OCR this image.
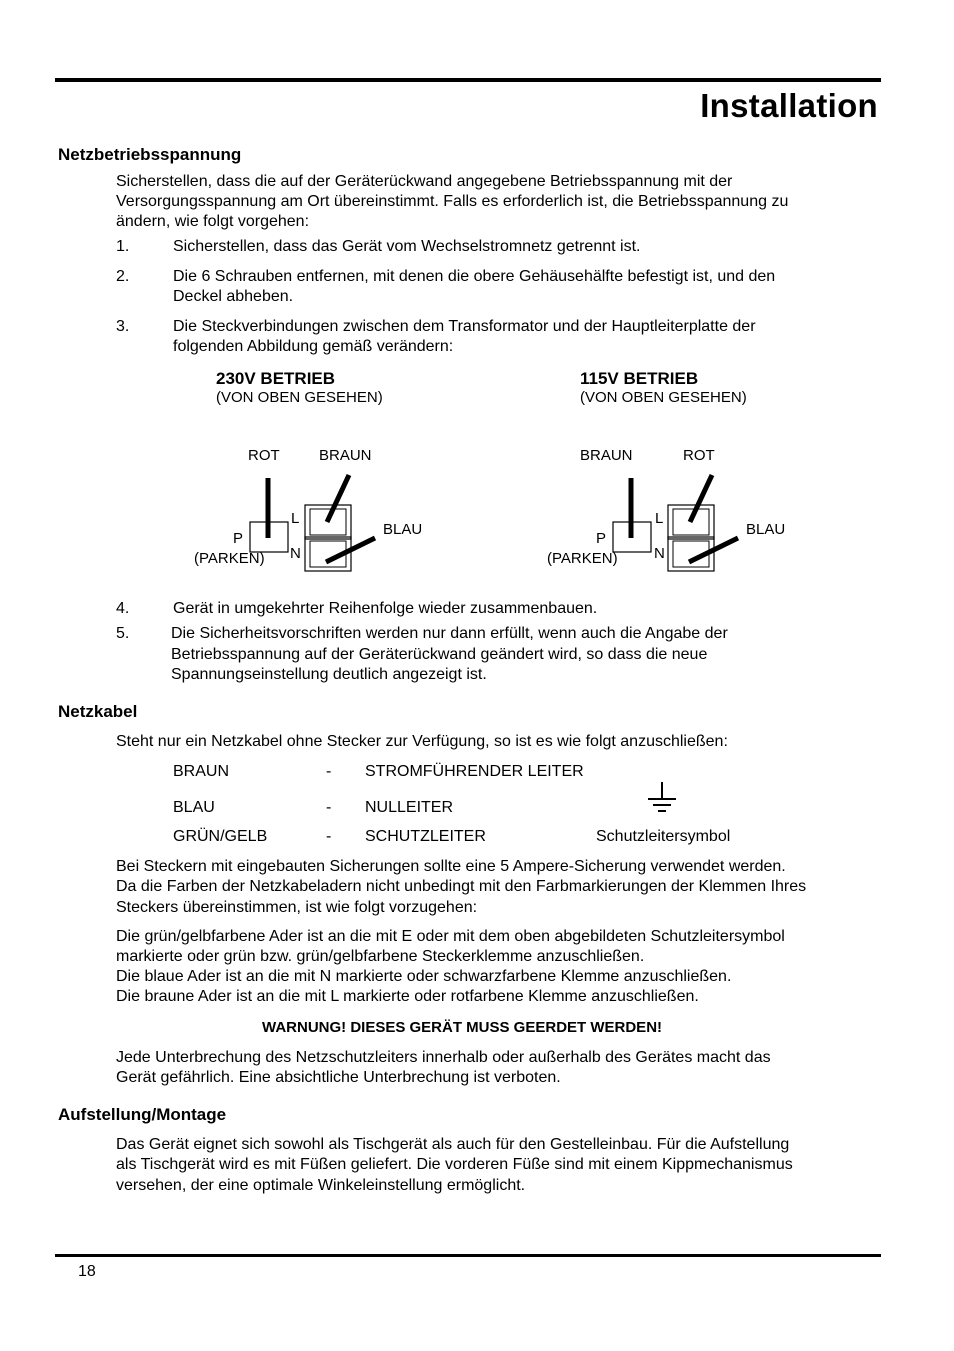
Installation
Netzbetriebsspannung
Sicherstellen, dass die auf der Geräterückwand angegebene Betriebsspannung mit der
Versorgungsspannung am Ort übereinstimmt. Falls es erforderlich ist, die Betriebsspannung zu
ändern, wie folgt vorgehen:
1.	Sicherstellen, dass das Gerät vom Wechselstromnetz getrennt ist.
2.	Die 6 Schrauben entfernen, mit denen die obere Gehäusehälfte befestigt ist, und den
Deckel abheben.
3.	Die Steckverbindungen zwischen dem Transformator und der Hauptleiterplatte der
folgenden Abbildung gemäß verändern:
230V BETRIEB
(VON OBEN GESEHEN)
ROT	BRAUN
L
N
P
(PARKEN)
BLAU
115V BETRIEB
(VON OBEN GESEHEN)
BRAUN	ROT
L
N
P
(PARKEN)
BLAU
4.	Gerät in umgekehrter Reihenfolge wieder zusammenbauen.
5.	Die Sicherheitsvorschriften werden nur dann erfüllt, wenn auch die Angabe der
Betriebsspannung auf der Geräterückwand geändert wird, so dass die neue
Spannungseinstellung deutlich angezeigt ist.
Netzkabel
Steht nur ein Netzkabel ohne Stecker zur Verfügung, so ist es wie folgt anzuschließen:
BRAUN	- STROMFÜHRENDER LEITER
BLAU	- NULLEITER
GRÜN/GELB	- SCHUTZLEITER	Schutzleitersymbol
Bei Steckern mit eingebauten Sicherungen sollte eine 5 Ampere-Sicherung verwendet werden.
Da die Farben der Netzkabeladern nicht unbedingt mit den Farbmarkierungen der Klemmen Ihres
Steckers übereinstimmen, ist wie folgt vorzugehen:
Die grün/gelbfarbene Ader ist an die mit E oder mit dem oben abgebildeten Schutzleitersymbol
markierte oder grün bzw. grün/gelbfarbene Steckerklemme anzuschließen.
Die blaue Ader ist an die mit N markierte oder schwarzfarbene Klemme anzuschließen.
Die braune Ader ist an die mit L markierte oder rotfarbene Klemme anzuschließen.
WARNUNG! DIESES GERÄT MUSS GEERDET WERDEN!
Jede Unterbrechung des Netzschutzleiters innerhalb oder außerhalb des Gerätes macht das
Gerät gefährlich. Eine absichtliche Unterbrechung ist verboten.
Aufstellung/Montage
Das Gerät eignet sich sowohl als Tischgerät als auch für den Gestelleinbau. Für die Aufstellung
als Tischgerät wird es mit Füßen geliefert. Die vorderen Füße sind mit einem Kippmechanismus
versehen, der eine optimale Winkeleinstellung ermöglicht.
18
